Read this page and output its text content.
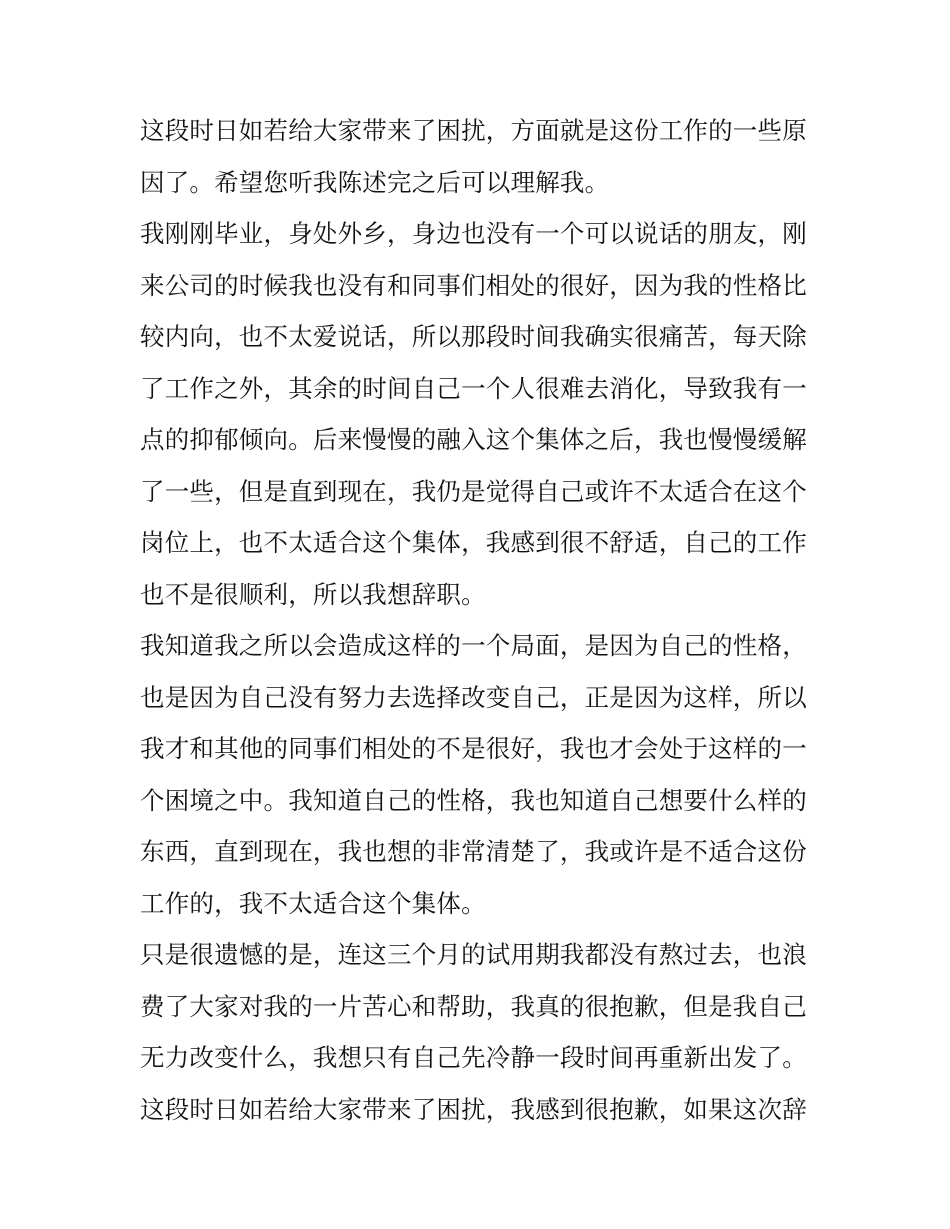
这段时日如若给大家带来了困扰，方面就是这份工作的一些原
因了。希望您听我陈述完之后可以理解我。
我刚刚毕业，身处外乡，身边也没有一个可以说话的朋友，刚
来公司的时候我也没有和同事们相处的很好，因为我的性格比
较内向，也不太爱说话，所以那段时间我确实很痛苦，每天除
了工作之外，其余的时间自己一个人很难去消化，导致我有一
点的抑郁倾向。后来慢慢的融入这个集体之后，我也慢慢缓解
了一些，但是直到现在，我仍是觉得自己或许不太适合在这个
岗位上，也不太适合这个集体，我感到很不舒适，自己的工作
也不是很顺利，所以我想辞职。
我知道我之所以会造成这样的一个局面，是因为自己的性格，
也是因为自己没有努力去选择改变自己，正是因为这样，所以
我才和其他的同事们相处的不是很好，我也才会处于这样的一
个困境之中。我知道自己的性格，我也知道自己想要什么样的
东西，直到现在，我也想的非常清楚了，我或许是不适合这份
工作的，我不太适合这个集体。
只是很遗憾的是，连这三个月的试用期我都没有熬过去，也浪
费了大家对我的一片苦心和帮助，我真的很抱歉，但是我自己
无力改变什么，我想只有自己先冷静一段时间再重新出发了。
这段时日如若给大家带来了困扰，我感到很抱歉，如果这次辞
